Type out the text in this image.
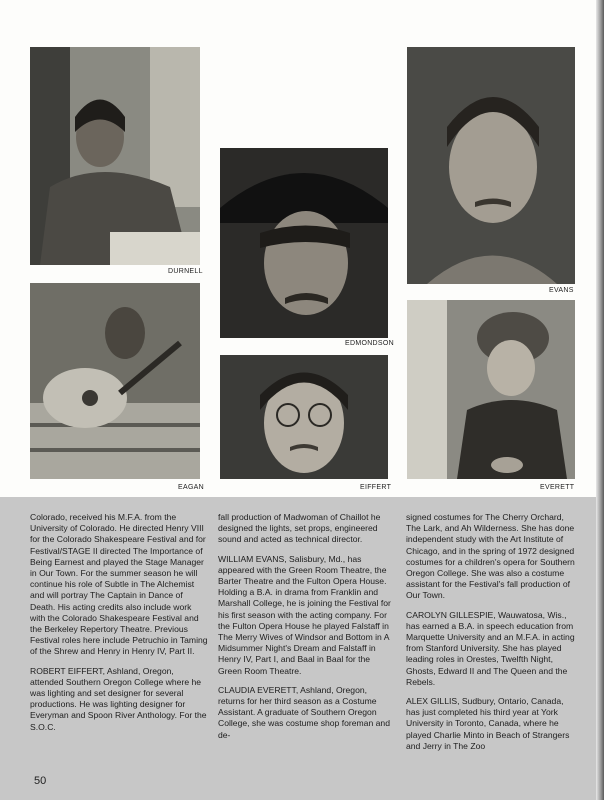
DURNELL
EDMONDSON
EVANS
EAGAN	EIFFERT	EVERETT

Colorado, received his M.F.A. from the University of Colorado. He directed Henry VIII for the Colorado Shakespeare Festival and for Festival/STAGE II directed The Importance of Being Earnest and played the Stage Manager in Our Town. For the summer season he will continue his role of Subtle in The Alchemist and will portray The Captain in Dance of Death. His acting credits also include work with the Colorado Shakespeare Festival and the Berkeley Repertory Theatre. Previous Festival roles here include Petruchio in Taming of the Shrew and Henry in Henry IV, Part II.

ROBERT EIFFERT, Ashland, Oregon, attended Southern Oregon College where he was lighting and set designer for several productions. He was lighting designer for Everyman and Spoon River Anthology. For the S.O.C.

fall production of Madwoman of Chaillot he designed the lights, set props, engineered sound and acted as technical director.

WILLIAM EVANS, Salisbury, Md., has appeared with the Green Room Theatre, the Barter Theatre and the Fulton Opera House. Holding a B.A. in drama from Franklin and Marshall College, he is joining the Festival for his first season with the acting company. For the Fulton Opera House he played Falstaff in The Merry Wives of Windsor and Bottom in A Midsummer Night's Dream and Falstaff in Henry IV, Part I, and Baal in Baal for the Green Room Theatre.

CLAUDIA EVERETT, Ashland, Oregon, returns for her third season as a Costume Assistant. A graduate of Southern Oregon College, she was costume shop foreman and de-

signed costumes for The Cherry Orchard, The Lark, and Ah Wilderness. She has done independent study with the Art Institute of Chicago, and in the spring of 1972 designed costumes for a children's opera for Southern Oregon College. She was also a costume assistant for the Festival's fall production of Our Town.

CAROLYN GILLESPIE, Wauwatosa, Wis., has earned a B.A. in speech education from Marquette University and an M.F.A. in acting from Stanford University. She has played leading roles in Orestes, Twelfth Night, Ghosts, Edward II and The Queen and the Rebels.

ALEX GILLIS, Sudbury, Ontario, Canada, has just completed his third year at York University in Toronto, Canada, where he played Charlie Minto in Beach of Strangers and Jerry in The Zoo

50
